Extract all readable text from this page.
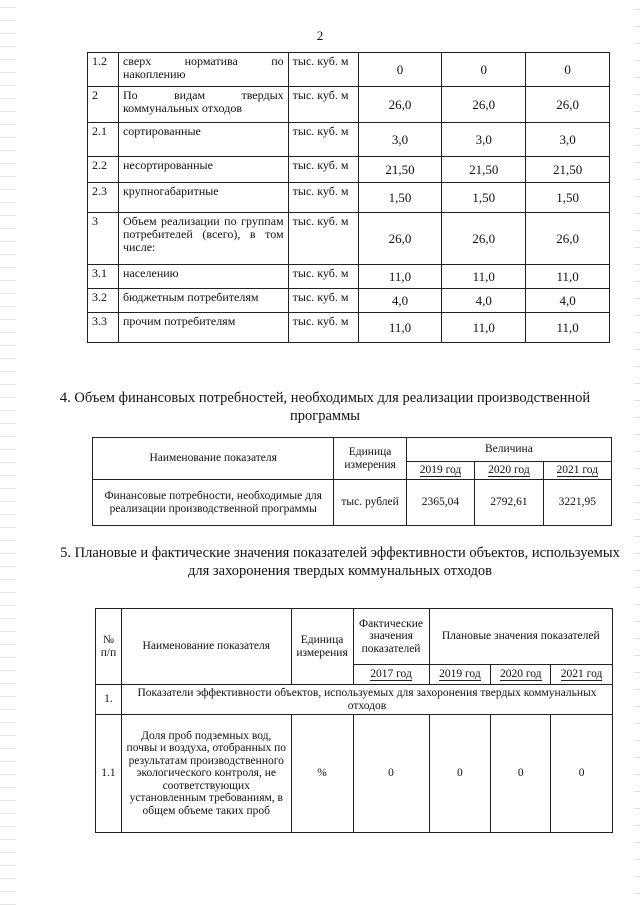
2
1.2	сверх норматива по накоплению	тыс. куб. м	0	0	0
2	По видам твердых коммунальных отходов	тыс. куб. м	26,0	26,0	26,0
2.1	сортированные	тыс. куб. м	3,0	3,0	3,0
2.2	несортированные	тыс. куб. м	21,50	21,50	21,50
2.3	крупногабаритные	тыс. куб. м	1,50	1,50	1,50
3	Объем реализации по группам потребителей (всего), в том числе:	тыс. куб. м	26,0	26,0	26,0
3.1	населению	тыс. куб. м	11,0	11,0	11,0
3.2	бюджетным потребителям	тыс. куб. м	4,0	4,0	4,0
3.3	прочим потребителям	тыс. куб. м	11,0	11,0	11,0
4. Объем финансовых потребностей, необходимых для реализации производственной программы
Наименование показателя	Единица измерения	Величина		
		2019 год	2020 год	2021 год
Финансовые потребности, необходимые для реализации производственной программы	тыс. рублей	2365,04	2792,61	3221,95
5. Плановые и фактические значения показателей эффективности объектов, используемых для захоронения твердых коммунальных отходов
№ п/п	Наименование показателя	Единица измерения	Фактические значения показателей	Плановые значения показателей		
			2017 год	2019 год	2020 год	2021 год
1.	Показатели эффективности объектов, используемых для захоронения твердых коммунальных отходов					
1.1	Доля проб подземных вод, почвы и воздуха, отобранных по результатам производственного экологического контроля, не соответствующих установленным требованиям, в общем объеме таких проб	%	0	0	0	0
